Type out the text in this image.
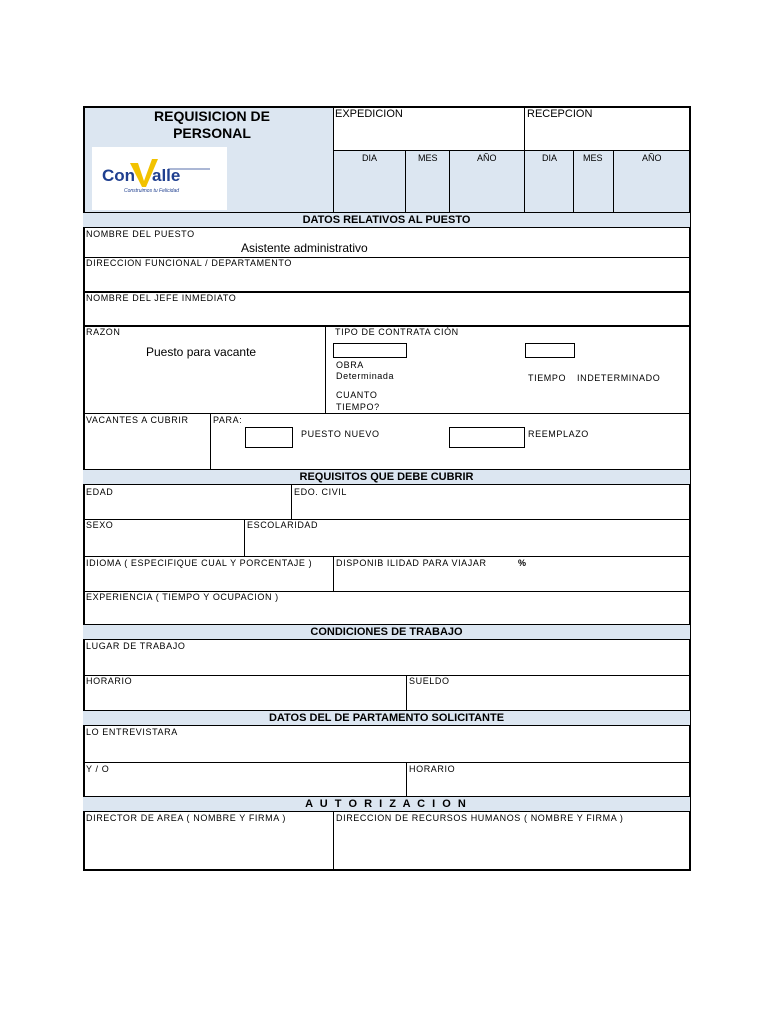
REQUISICION DE
PERSONAL
Con alle
Construimos tu Felicidad
EXPEDICION	RECEPCION
DIA	MES	AÑO	DIA	MES	AÑO
DATOS RELATIVOS AL PUESTO
NOMBRE DEL PUESTO
Asistente administrativo
DIRECCION FUNCIONAL / DEPARTAMENTO
NOMBRE DEL JEFE INMEDIATO
RAZON
Puesto para vacante
TIPO DE CONTRATA CIÓN
OBRA
Determinada
CUANTO
TIEMPO?
TIEMPO INDETERMINADO
VACANTES A CUBRIR	PARA:
PUESTO NUEVO	REEMPLAZO
REQUISITOS QUE DEBE CUBRIR
EDAD	EDO. CIVIL
SEXO	ESCOLARIDAD
IDIOMA ( ESPECIFIQUE CUAL Y PORCENTAJE )	DISPONIB ILIDAD PARA VIAJAR	%
EXPERIENCIA ( TIEMPO Y OCUPACION )
CONDICIONES DE TRABAJO
LUGAR DE TRABAJO
HORARIO	SUELDO
DATOS DEL DE PARTAMENTO SOLICITANTE
LO ENTREVISTARA
Y / O	HORARIO
A U T O R I Z A C I O N
DIRECTOR DE AREA ( NOMBRE Y FIRMA )	DIRECCION DE RECURSOS HUMANOS ( NOMBRE Y FIRMA )
